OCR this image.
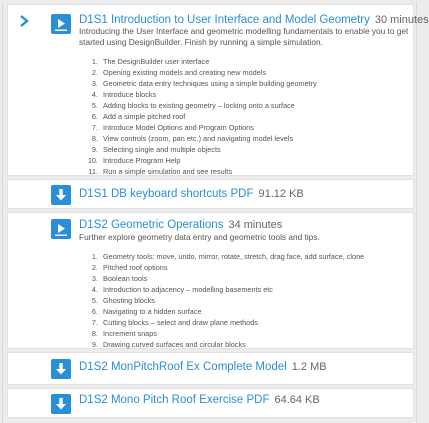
D1S1 Introduction to User Interface and Model Geometry 30 minutes
Introducing the User Interface and geometric modelling fundamentals to enable you to get started using DesignBuilder. Finish by running a simple simulation.
1. The DesignBuilder user interface
2. Opening existing models and creating new models
3. Geometric data entry techniques using a simple building geometry
4. Introduce blocks
5. Adding blocks to existing geometry – locking onto a surface
6. Add a simple pitched roof
7. Introduce Model Options and Program Options
8. View controls (zoom, pan etc.) and navigating model levels
9. Selecting single and multiple objects
10. Introduce Program Help
11. Run a simple simulation and see results
D1S1 DB keyboard shortcuts PDF 91.12 KB
D1S2 Geometric Operations 34 minutes
Further explore geometry data entry and geometric tools and tips.
1. Geometry tools: move, undo, mirror, rotate, stretch, drag face, add surface, clone
2. Pitched roof options
3. Boolean tools
4. Introduction to adjacency – modelling basements etc
5. Ghosting blocks
6. Navigating to a hidden surface
7. Cutting blocks – select and draw plane methods
8. Increment snaps
9. Drawing curved surfaces and circular blocks
D1S2 MonPitchRoof Ex Complete Model 1.2 MB
D1S2 Mono Pitch Roof Exercise PDF 64.64 KB
